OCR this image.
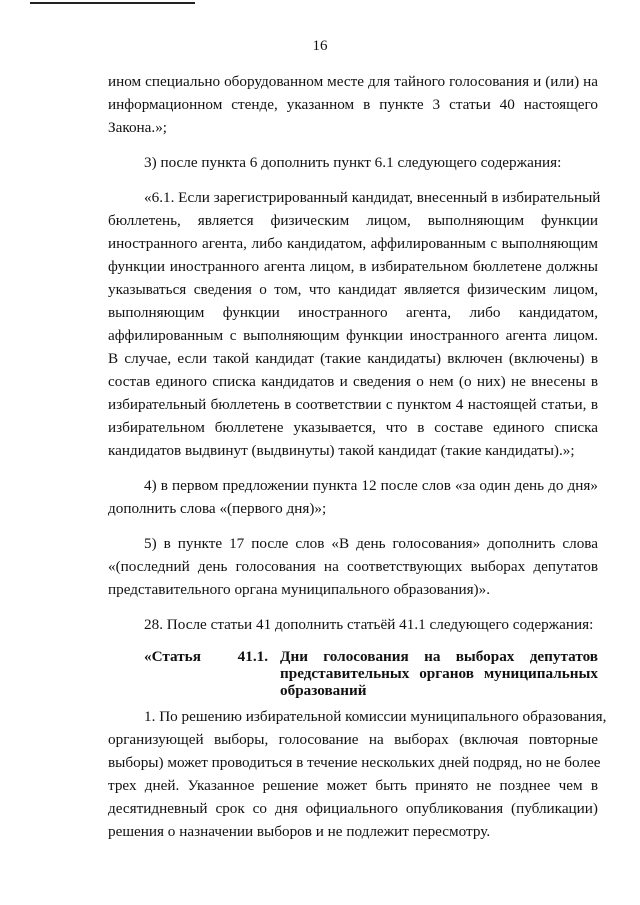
16
ином специально оборудованном месте для тайного голосования и (или) на
информационном стенде, указанном в пункте 3 статьи 40 настоящего
Закона.»;
3) после пункта 6 дополнить пункт 6.1 следующего содержания:
«6.1. Если зарегистрированный кандидат, внесенный в избирательный
бюллетень, является физическим лицом, выполняющим функции
иностранного агента, либо кандидатом, аффилированным с выполняющим
функции иностранного агента лицом, в избирательном бюллетене должны
указываться сведения о том, что кандидат является физическим лицом,
выполняющим функции иностранного агента, либо кандидатом,
аффилированным с выполняющим функции иностранного агента лицом.
В случае, если такой кандидат (такие кандидаты) включен (включены) в
состав единого списка кандидатов и сведения о нем (о них) не внесены в
избирательный бюллетень в соответствии с пунктом 4 настоящей статьи, в
избирательном бюллетене указывается, что в составе единого списка
кандидатов выдвинут (выдвинуты) такой кандидат (такие кандидаты).»;
4) в первом предложении пункта 12 после слов «за один день до дня»
дополнить слова «(первого дня)»;
5) в пункте 17 после слов «В день голосования» дополнить слова
«(последний день голосования на соответствующих выборах депутатов
представительного органа муниципального образования)».
28. После статьи 41 дополнить статьёй 41.1 следующего содержания:
«Статья 41.1. Дни голосования на выборах депутатов
представительных органов муниципальных
образований
1. По решению избирательной комиссии муниципального образования,
организующей выборы, голосование на выборах (включая повторные
выборы) может проводиться в течение нескольких дней подряд, но не более
трех дней. Указанное решение может быть принято не позднее чем в
десятидневный срок со дня официального опубликования (публикации)
решения о назначении выборов и не подлежит пересмотру.
